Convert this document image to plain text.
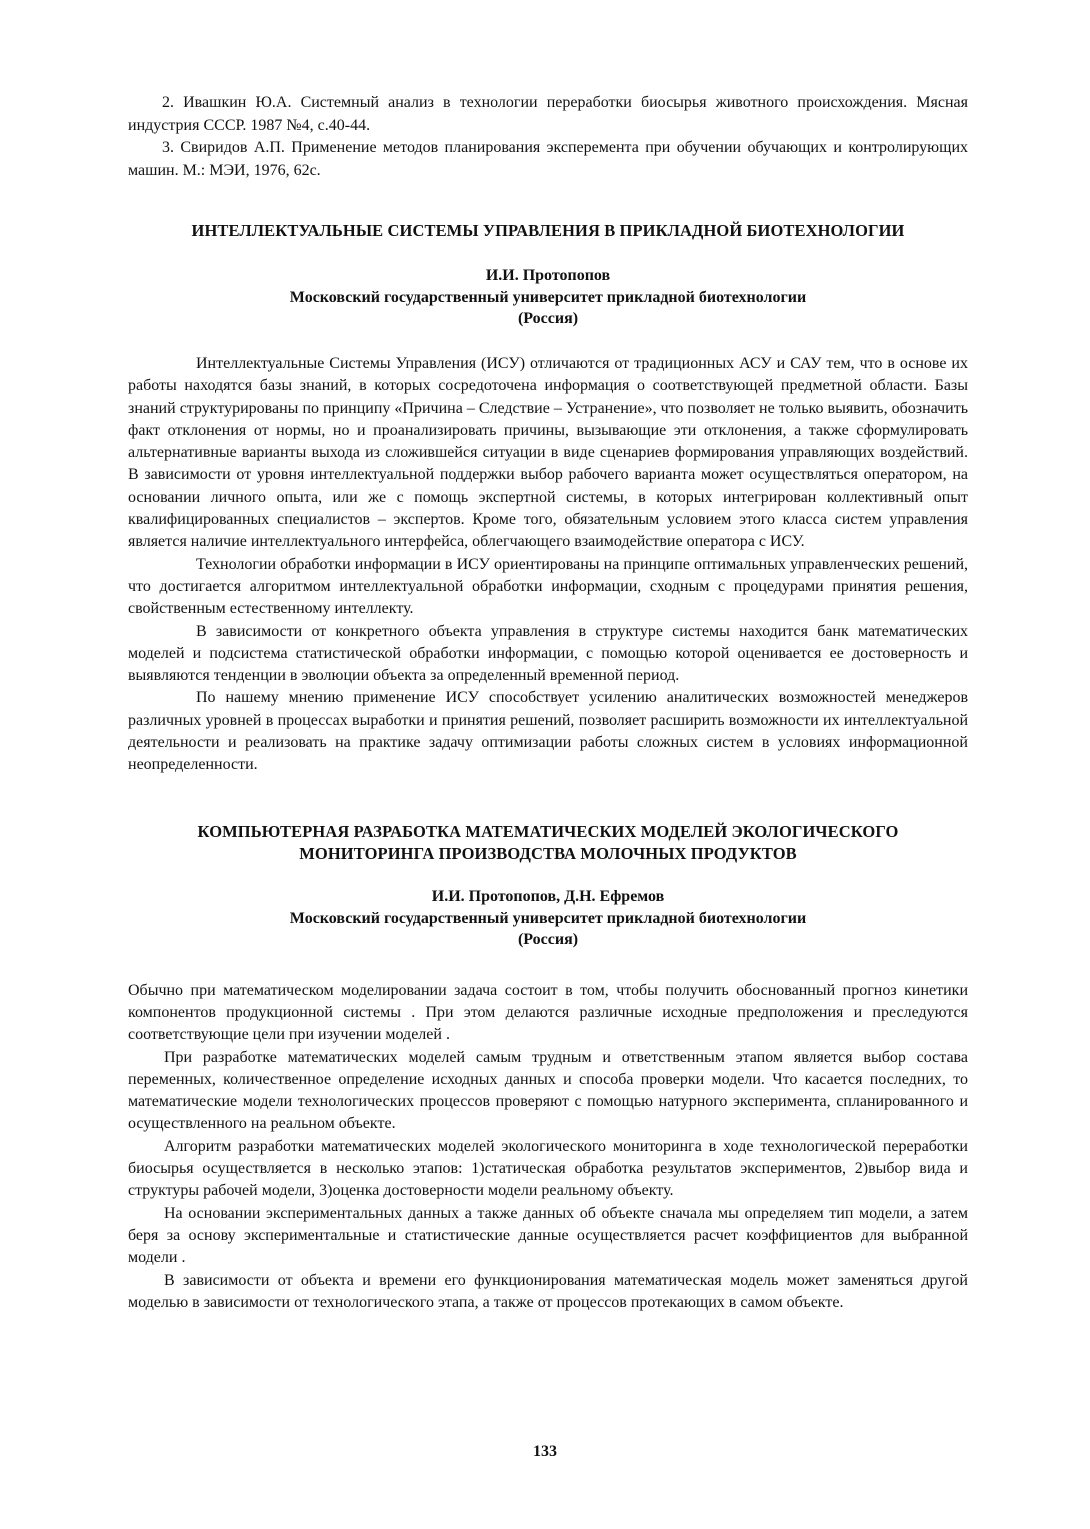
2. Ивашкин Ю.А. Системный анализ в технологии переработки биосырья животного происхождения. Мясная индустрия СССР. 1987 №4, с.40-44.

3. Свиридов А.П. Применение методов планирования эксперемента при обучении обучающих и контролирующих машин. М.: МЭИ, 1976, 62с.

ИНТЕЛЛЕКТУАЛЬНЫЕ СИСТЕМЫ УПРАВЛЕНИЯ В ПРИКЛАДНОЙ БИОТЕХНОЛОГИИ

И.И. Протопопов

Московский государственный университет прикладной биотехнологии

(Россия)

Интеллектуальные Системы Управления (ИСУ) отличаются от традиционных АСУ и САУ тем, что в основе их работы находятся базы знаний, в которых сосредоточена информация о соответствующей предметной области. Базы знаний структурированы по принципу «Причина – Следствие – Устранение», что позволяет не только выявить, обозначить факт отклонения от нормы, но и проанализировать причины, вызывающие эти отклонения, а также сформулировать альтернативные варианты выхода из сложившейся ситуации в виде сценариев формирования управляющих воздействий. В зависимости от уровня интеллектуальной поддержки выбор рабочего варианта может осуществляться оператором, на основании личного опыта, или же с помощь экспертной системы, в которых интегрирован коллективный опыт квалифицированных специалистов – экспертов. Кроме того, обязательным условием этого класса систем управления является наличие интеллектуального интерфейса, облегчающего взаимодействие оператора с ИСУ.

Технологии обработки информации в ИСУ ориентированы на принципе оптимальных управленческих решений, что достигается алгоритмом интеллектуальной обработки информации, сходным с процедурами принятия решения, свойственным естественному интеллекту.

В зависимости от конкретного объекта управления в структуре системы находится банк математических моделей и подсистема статистической обработки информации, с помощью которой оценивается ее достоверность и выявляются тенденции в эволюции объекта за определенный временной период.

По нашему мнению применение ИСУ способствует усилению аналитических возможностей менеджеров различных уровней в процессах выработки и принятия решений, позволяет расширить возможности их интеллектуальной деятельности и реализовать на практике задачу оптимизации работы сложных систем в условиях информационной неопределенности.

КОМПЬЮТЕРНАЯ РАЗРАБОТКА МАТЕМАТИЧЕСКИХ МОДЕЛЕЙ ЭКОЛОГИЧЕСКОГО

МОНИТОРИНГА ПРОИЗВОДСТВА МОЛОЧНЫХ ПРОДУКТОВ

И.И. Протопопов, Д.Н. Ефремов

Московский государственный университет прикладной биотехнологии

(Россия)

Обычно при математическом моделировании задача состоит в том, чтобы получить обоснованный прогноз кинетики компонентов продукционной системы . При этом делаются различные исходные предположения и преследуются соответствующие цели при изучении моделей .

При разработке математических моделей самым трудным и ответственным этапом является выбор состава переменных, количественное определение исходных данных и способа проверки модели. Что касается последних, то математические модели технологических процессов проверяют с помощью натурного эксперимента, спланированного и осуществленного на реальном объекте.

Алгоритм разработки математических моделей экологического мониторинга в ходе технологической переработки биосырья осуществляется в несколько этапов: 1)статическая обработка результатов экспериментов, 2)выбор вида и структуры рабочей модели, 3)оценка достоверности модели реальному объекту.

На основании экспериментальных данных а также данных об объекте сначала мы определяем тип модели, а затем беря за основу экспериментальные и статистические данные осуществляется расчет коэффициентов для выбранной модели .

В зависимости от объекта и времени его функционирования математическая модель может заменяться другой моделью в зависимости от технологического этапа, а также от процессов протекающих в самом объекте.

133
